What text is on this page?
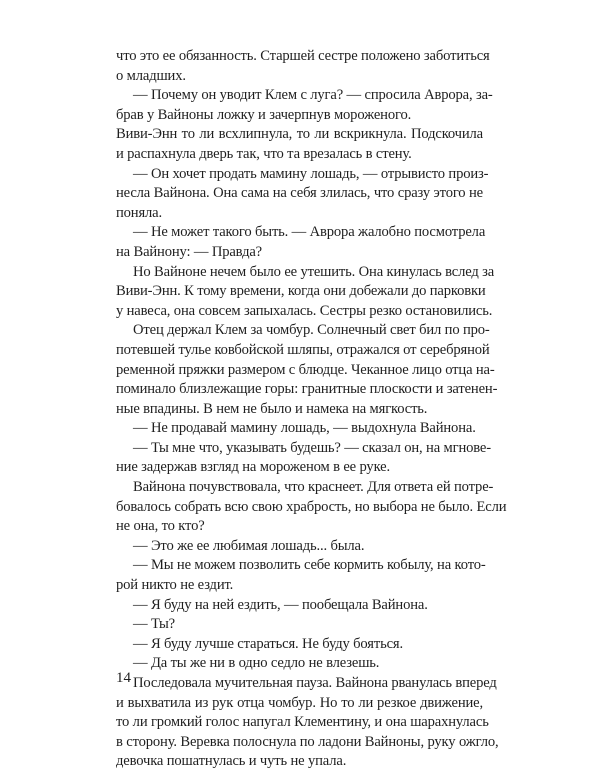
что это ее обязанность. Старшей сестре положено заботиться
о младших.
— Почему он уводит Клем с луга? — спросила Аврора, за-
брав у Вайноны ложку и зачерпнув мороженого.
Виви-Энн то ли всхлипнула, то ли вскрикнула. Подскочила
и распахнула дверь так, что та врезалась в стену.
— Он хочет продать мамину лошадь, — отрывисто произ-
несла Вайнона. Она сама на себя злилась, что сразу этого не
поняла.
— Не может такого быть. — Аврора жалобно посмотрела
на Вайнону: — Правда?
Но Вайноне нечем было ее утешить. Она кинулась вслед за
Виви-Энн. К тому времени, когда они добежали до парковки
у навеса, она совсем запыхалась. Сестры резко остановились.
Отец держал Клем за чомбур. Солнечный свет бил по про-
потевшей тулье ковбойской шляпы, отражался от серебряной
ременной пряжки размером с блюдце. Чеканное лицо отца на-
поминало близлежащие горы: гранитные плоскости и затенен-
ные впадины. В нем не было и намека на мягкость.
— Не продавай мамину лошадь, — выдохнула Вайнона.
— Ты мне что, указывать будешь? — сказал он, на мгнове-
ние задержав взгляд на мороженом в ее руке.
Вайнона почувствовала, что краснеет. Для ответа ей потре-
бовалось собрать всю свою храбрость, но выбора не было. Если
не она, то кто?
— Это же ее любимая лошадь... была.
— Мы не можем позволить себе кормить кобылу, на кото-
рой никто не ездит.
— Я буду на ней ездить, — пообещала Вайнона.
— Ты?
— Я буду лучше стараться. Не буду бояться.
— Да ты же ни в одно седло не влезешь.
Последовала мучительная пауза. Вайнона рванулась вперед
и выхватила из рук отца чомбур. Но то ли резкое движение,
то ли громкий голос напугал Клементину, и она шарахнулась
в сторону. Веревка полоснула по ладони Вайноны, руку ожгло,
девочка пошатнулась и чуть не упала.
14
